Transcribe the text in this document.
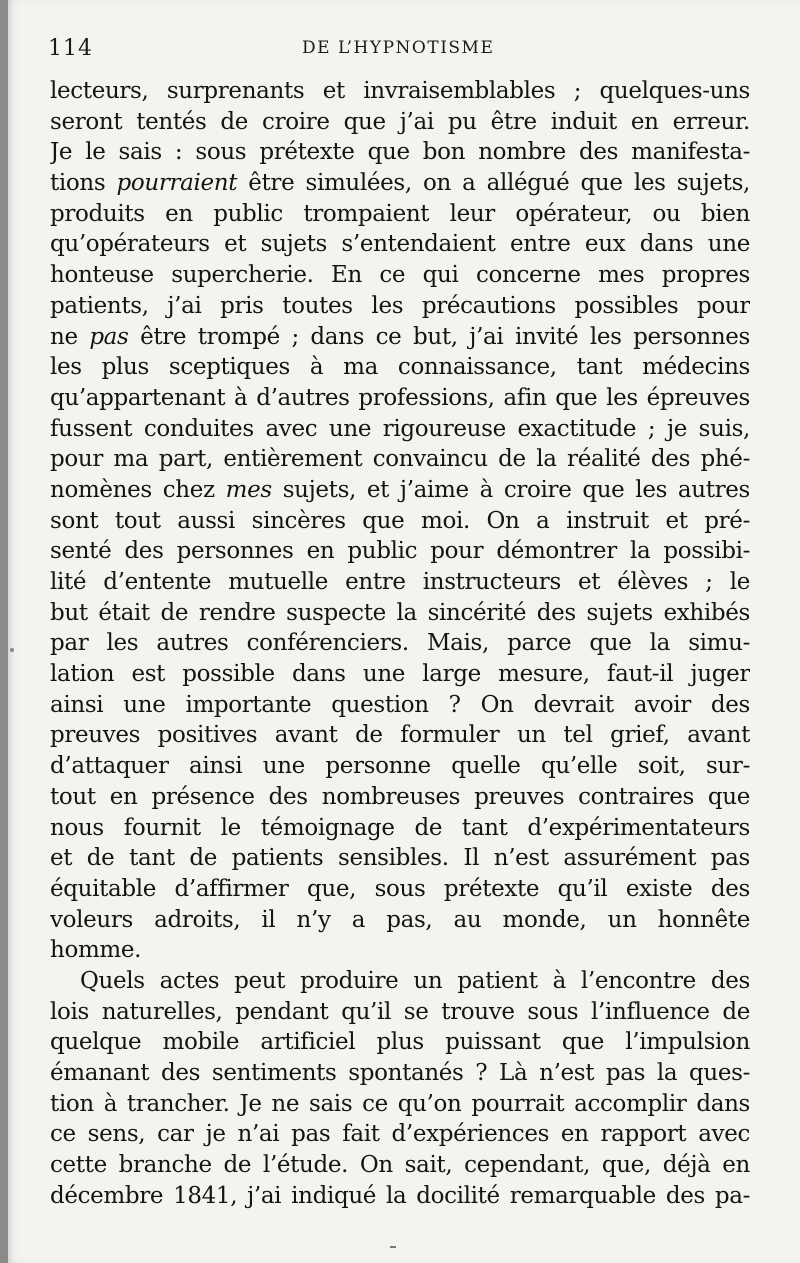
114	DE L’HYPNOTISME
lecteurs, surprenants et invraisemblables ; quelques-uns
seront tentés de croire que j’ai pu être induit en erreur.
Je le sais : sous prétexte que bon nombre des manifesta-
tions pourraient être simulées, on a allégué que les sujets,
produits en public trompaient leur opérateur, ou bien
qu’opérateurs et sujets s’entendaient entre eux dans une
honteuse supercherie. En ce qui concerne mes propres
patients, j’ai pris toutes les précautions possibles pour
ne pas être trompé ; dans ce but, j’ai invité les personnes
les plus sceptiques à ma connaissance, tant médecins
qu’appartenant à d’autres professions, afin que les épreuves
fussent conduites avec une rigoureuse exactitude ; je suis,
pour ma part, entièrement convaincu de la réalité des phé-
nomènes chez mes sujets, et j’aime à croire que les autres
sont tout aussi sincères que moi. On a instruit et pré-
senté des personnes en public pour démontrer la possibi-
lité d’entente mutuelle entre instructeurs et élèves ; le
but était de rendre suspecte la sincérité des sujets exhibés
par les autres conférenciers. Mais, parce que la simu-
lation est possible dans une large mesure, faut-il juger
ainsi une importante question ? On devrait avoir des
preuves positives avant de formuler un tel grief, avant
d’attaquer ainsi une personne quelle qu’elle soit, sur-
tout en présence des nombreuses preuves contraires que
nous fournit le témoignage de tant d’expérimentateurs
et de tant de patients sensibles. Il n’est assurément pas
équitable d’affirmer que, sous prétexte qu’il existe des
voleurs adroits, il n’y a pas, au monde, un honnête
homme.
Quels actes peut produire un patient à l’encontre des
lois naturelles, pendant qu’il se trouve sous l’influence de
quelque mobile artificiel plus puissant que l’impulsion
émanant des sentiments spontanés ? Là n’est pas la ques-
tion à trancher. Je ne sais ce qu’on pourrait accomplir dans
ce sens, car je n’ai pas fait d’expériences en rapport avec
cette branche de l’étude. On sait, cependant, que, déjà en
décembre 1841, j’ai indiqué la docilité remarquable des pa-
